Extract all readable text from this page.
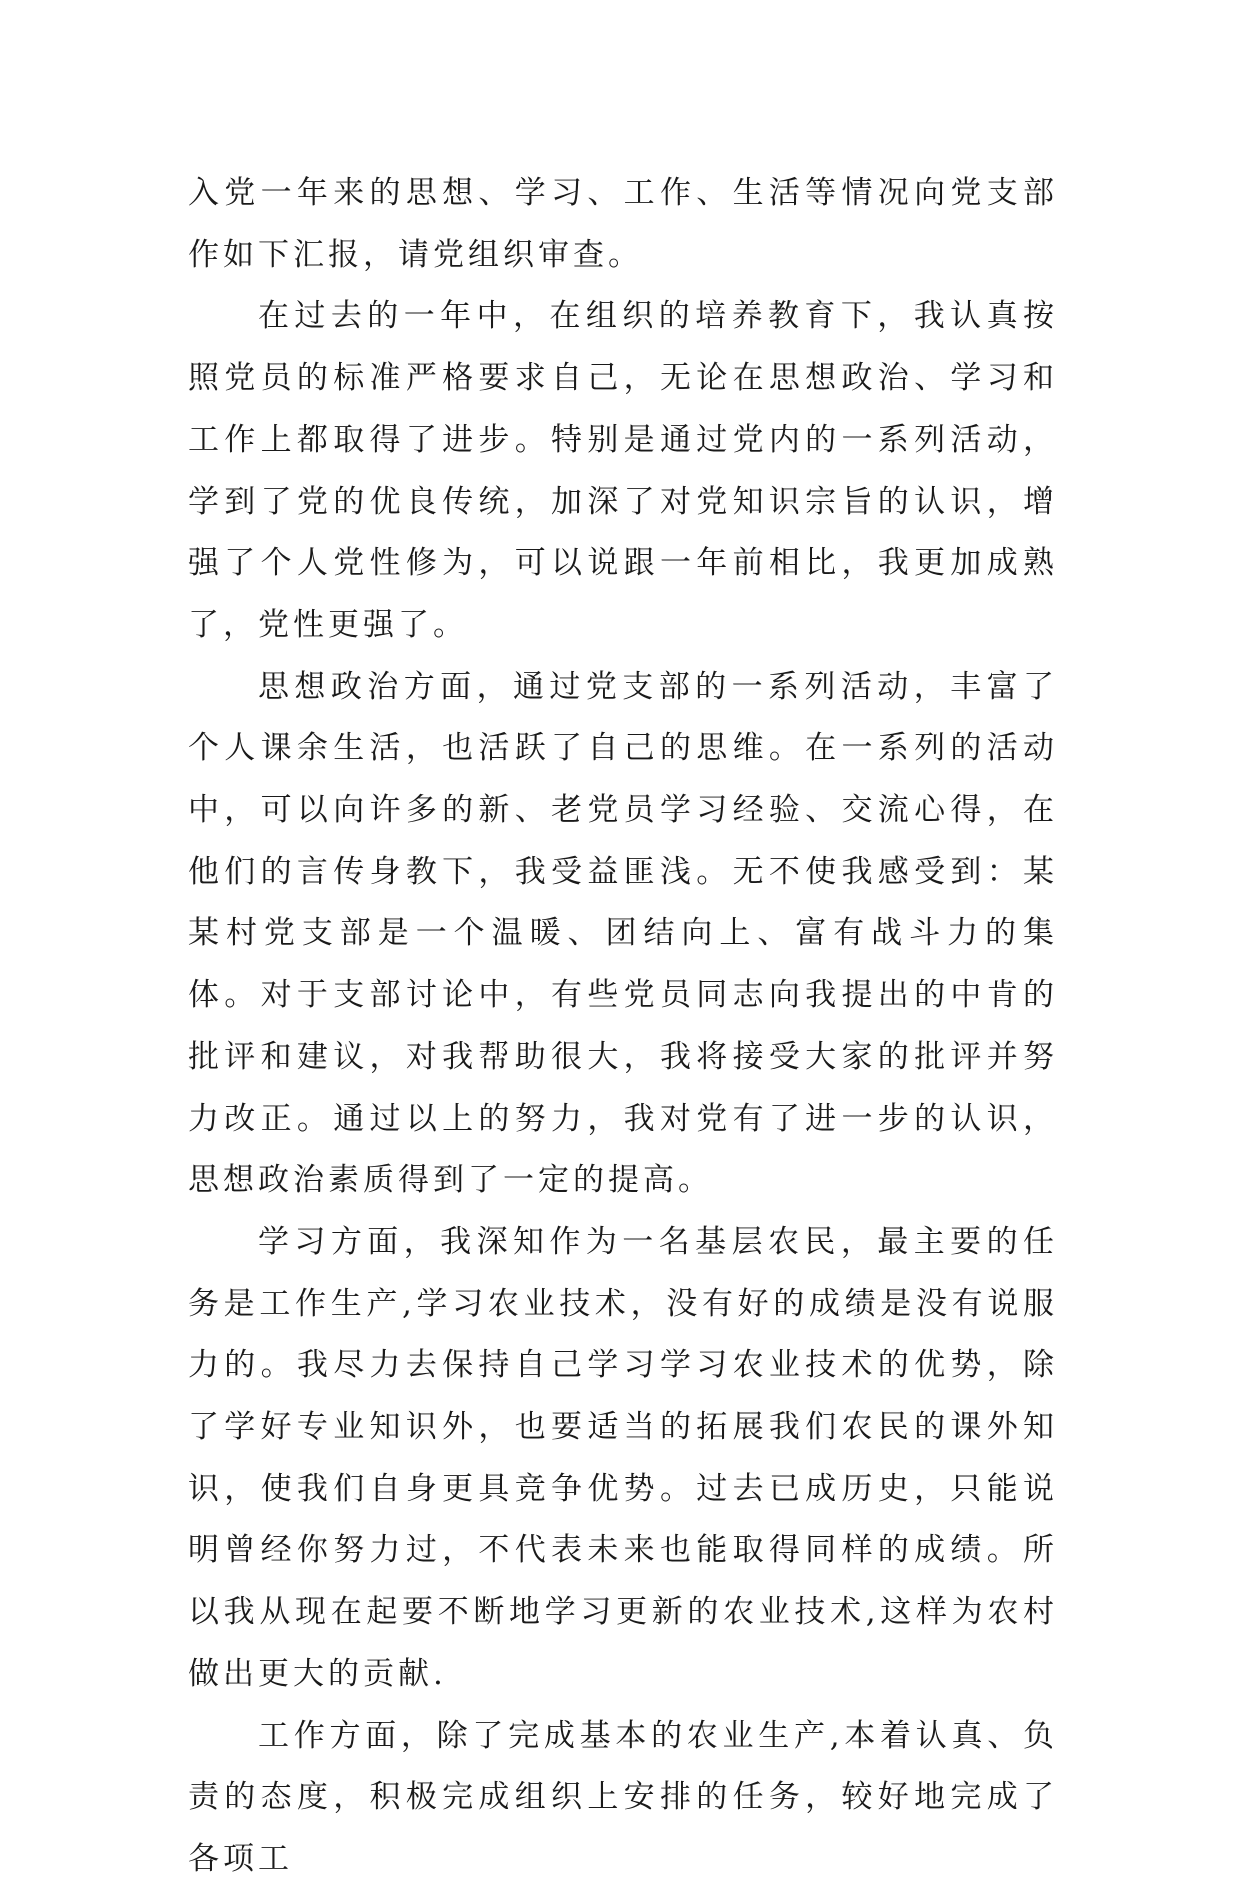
入党一年来的思想、学习、工作、生活等情况向党支部作如下汇报，请党组织审查。

在过去的一年中，在组织的培养教育下，我认真按照党员的标准严格要求自己，无论在思想政治、学习和工作上都取得了进步。特别是通过党内的一系列活动，学到了党的优良传统，加深了对党知识宗旨的认识，增强了个人党性修为，可以说跟一年前相比，我更加成熟了，党性更强了。

思想政治方面，通过党支部的一系列活动，丰富了个人课余生活，也活跃了自己的思维。在一系列的活动中，可以向许多的新、老党员学习经验、交流心得，在他们的言传身教下，我受益匪浅。无不使我感受到：某某村党支部是一个温暖、团结向上、富有战斗力的集体。对于支部讨论中，有些党员同志向我提出的中肯的批评和建议，对我帮助很大，我将接受大家的批评并努力改正。通过以上的努力，我对党有了进一步的认识，思想政治素质得到了一定的提高。

学习方面，我深知作为一名基层农民，最主要的任务是工作生产,学习农业技术，没有好的成绩是没有说服力的。我尽力去保持自己学习学习农业技术的优势，除了学好专业知识外，也要适当的拓展我们农民的课外知识，使我们自身更具竞争优势。过去已成历史，只能说明曾经你努力过，不代表未来也能取得同样的成绩。所以我从现在起要不断地学习更新的农业技术,这样为农村做出更大的贡献.

工作方面，除了完成基本的农业生产,本着认真、负责的态度，积极完成组织上安排的任务，较好地完成了各项工
